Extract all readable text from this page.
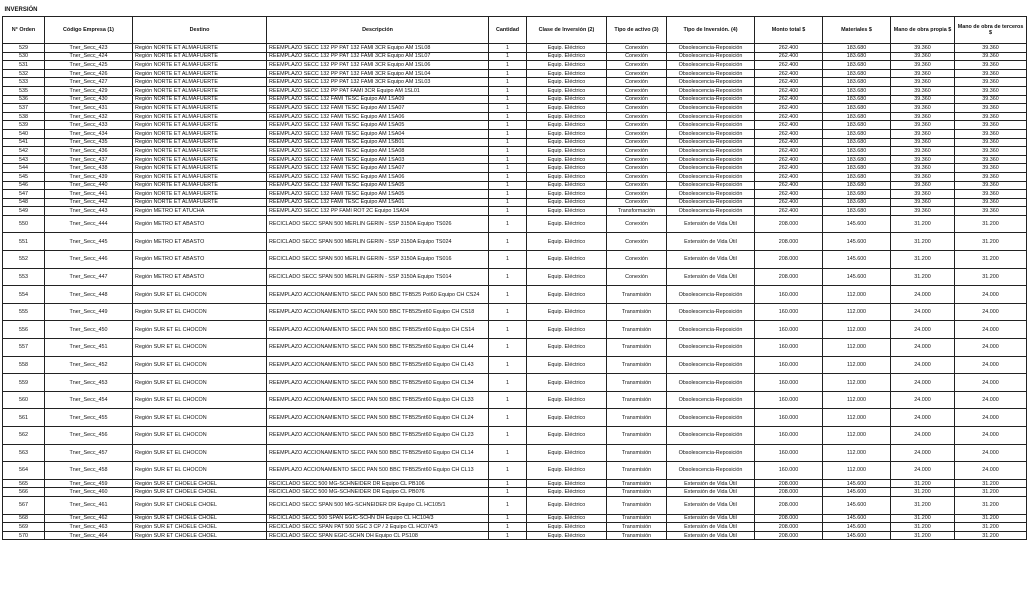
INVERSIÓN											
N° Orden	Código Empresa (1)	Destino	Descripción	Cantidad	Clase de Inversión (2)	Tipo de activo (3)	Tipo de Inversión. (4)	Monto total $	Materiales $	Mano de obra propia $	Mano de obra de terceros $
529	Tner_Secc_423	Región NORTE ET ALMAFUERTE	REEMPLAZO SECC 132 PP PAT 132 FAMI 3CR Equipo AM 1SL08	1	Equip. Eléctrico	Conexión	Obsolescencia-Reposición	262.400	183.680	39.360	39.360
530	Tner_Secc_424	Región NORTE ET ALMAFUERTE	REEMPLAZO SECC 132 PP PAT 132 FAMI 3CR Equipo AM 1SL07	1	Equip. Eléctrico	Conexión	Obsolescencia-Reposición	262.400	183.680	39.360	39.360
531	Tner_Secc_425	Región NORTE ET ALMAFUERTE	REEMPLAZO SECC 132 PP PAT 132 FAMI 3CR Equipo AM 1SL06	1	Equip. Eléctrico	Conexión	Obsolescencia-Reposición	262.400	183.680	39.360	39.360
532	Tner_Secc_426	Región NORTE ET ALMAFUERTE	REEMPLAZO SECC 132 PP PAT 132 FAMI 3CR Equipo AM 1SL04	1	Equip. Eléctrico	Conexión	Obsolescencia-Reposición	262.400	183.680	39.360	39.360
533	Tner_Secc_427	Región NORTE ET ALMAFUERTE	REEMPLAZO SECC 132 PP PAT 132 FAMI 3CR Equipo AM 1SL03	1	Equip. Eléctrico	Conexión	Obsolescencia-Reposición	262.400	183.680	39.360	39.360
535	Tner_Secc_429	Región NORTE ET ALMAFUERTE	REEMPLAZO SECC 132 PP PAT FAMI 3CR Equipo AM 1SL01	1	Equip. Eléctrico	Conexión	Obsolescencia-Reposición	262.400	183.680	39.360	39.360
536	Tner_Secc_430	Región NORTE ET ALMAFUERTE	REEMPLAZO SECC 132 FAMI TESC Equipo AM 1SA09	1	Equip. Eléctrico	Conexión	Obsolescencia-Reposición	262.400	183.680	39.360	39.360
537	Tner_Secc_431	Región NORTE ET ALMAFUERTE	REEMPLAZO SECC 132 FAMI TESC Equipo AM 1SA07	1	Equip. Eléctrico	Conexión	Obsolescencia-Reposición	262.400	183.680	39.360	39.360
538	Tner_Secc_432	Región NORTE ET ALMAFUERTE	REEMPLAZO SECC 132 FAMI TESC Equipo AM 1SA06	1	Equip. Eléctrico	Conexión	Obsolescencia-Reposición	262.400	183.680	39.360	39.360
539	Tner_Secc_433	Región NORTE ET ALMAFUERTE	REEMPLAZO SECC 132 FAMI TESC Equipo AM 1SA05	1	Equip. Eléctrico	Conexión	Obsolescencia-Reposición	262.400	183.680	39.360	39.360
540	Tner_Secc_434	Región NORTE ET ALMAFUERTE	REEMPLAZO SECC 132 FAMI TESC Equipo AM 1SA04	1	Equip. Eléctrico	Conexión	Obsolescencia-Reposición	262.400	183.680	39.360	39.360
541	Tner_Secc_435	Región NORTE ET ALMAFUERTE	REEMPLAZO SECC 132 FAMI TESC Equipo AM 1SB01	1	Equip. Eléctrico	Conexión	Obsolescencia-Reposición	262.400	183.680	39.360	39.360
542	Tner_Secc_436	Región NORTE ET ALMAFUERTE	REEMPLAZO SECC 132 FAMI TESC Equipo AM 1SA08	1	Equip. Eléctrico	Conexión	Obsolescencia-Reposición	262.400	183.680	39.360	39.360
543	Tner_Secc_437	Región NORTE ET ALMAFUERTE	REEMPLAZO SECC 132 FAMI TESC Equipo AM 1SA03	1	Equip. Eléctrico	Conexión	Obsolescencia-Reposición	262.400	183.680	39.360	39.360
544	Tner_Secc_438	Región NORTE ET ALMAFUERTE	REEMPLAZO SECC 132 FAMI TESC Equipo AM 1SA07	1	Equip. Eléctrico	Conexión	Obsolescencia-Reposición	262.400	183.680	39.360	39.360
545	Tner_Secc_439	Región NORTE ET ALMAFUERTE	REEMPLAZO SECC 132 FAMI TESC Equipo AM 1SA06	1	Equip. Eléctrico	Conexión	Obsolescencia-Reposición	262.400	183.680	39.360	39.360
546	Tner_Secc_440	Región NORTE ET ALMAFUERTE	REEMPLAZO SECC 132 FAMI TESC Equipo AM 1SA05	1	Equip. Eléctrico	Conexión	Obsolescencia-Reposición	262.400	183.680	39.360	39.360
547	Tner_Secc_441	Región NORTE ET ALMAFUERTE	REEMPLAZO SECC 132 FAMI TESC Equipo AM 1SA05	1	Equip. Eléctrico	Conexión	Obsolescencia-Reposición	262.400	183.680	39.360	39.360
548	Tner_Secc_442	Región NORTE ET ALMAFUERTE	REEMPLAZO SECC 132 FAMI TESC Equipo AM 1SA01	1	Equip. Eléctrico	Conexión	Obsolescencia-Reposición	262.400	183.680	39.360	39.360
549	Tner_Secc_443	Región METRO ET ATUCHA	REEMPLAZO SECC 132 PP FAMI ROT 2C Equipo 1SA04	1	Equip. Eléctrico	Transformación	Obsolescencia-Reposición	262.400	183.680	39.360	39.360
550	Tner_Secc_444	Región METRO ET ABASTO	RECICLADO SECC SPAN 500 MERLIN GERIN - SSP 3150A Equipo TS026	1	Equip. Eléctrico	Conexión	Extensión de Vida Útil	208.000	145.600	31.200	31.200
551	Tner_Secc_445	Región METRO ET ABASTO	RECICLADO SECC SPAN 500 MERLIN GERIN - SSP 3150A Equipo TS024	1	Equip. Eléctrico	Conexión	Extensión de Vida Útil	208.000	145.600	31.200	31.200
552	Tner_Secc_446	Región METRO ET ABASTO	RECICLADO SECC SPAN 500 MERLIN GERIN - SSP 3150A Equipo TS016	1	Equip. Eléctrico	Conexión	Extensión de Vida Útil	208.000	145.600	31.200	31.200
553	Tner_Secc_447	Región METRO ET ABASTO	RECICLADO SECC SPAN 500 MERLIN GERIN - SSP 3150A Equipo TS014	1	Equip. Eléctrico	Conexión	Extensión de Vida Útil	208.000	145.600	31.200	31.200
554	Tner_Secc_448	Región SUR ET EL CHOCON	REEMPLAZO ACCIONAMIENTO SECC PAN 500 BBC TFB525 Pot60 Equipo CH CS24	1	Equip. Eléctrico	Transmisión	Obsolescencia-Reposición	160.000	112.000	24.000	24.000
555	Tner_Secc_449	Región SUR ET EL CHOCON	REEMPLAZO ACCIONAMIENTO SECC PAN 500 BBC TFB525nt60 Equipo CH CS18	1	Equip. Eléctrico	Transmisión	Obsolescencia-Reposición	160.000	112.000	24.000	24.000
556	Tner_Secc_450	Región SUR ET EL CHOCON	REEMPLAZO ACCIONAMIENTO SECC PAN 500 BBC TFB525nt60 Equipo CH CS14	1	Equip. Eléctrico	Transmisión	Obsolescencia-Reposición	160.000	112.000	24.000	24.000
557	Tner_Secc_451	Región SUR ET EL CHOCON	REEMPLAZO ACCIONAMIENTO SECC PAN 500 BBC TFB525nt60 Equipo CH CL44	1	Equip. Eléctrico	Transmisión	Obsolescencia-Reposición	160.000	112.000	24.000	24.000
558	Tner_Secc_452	Región SUR ET EL CHOCON	REEMPLAZO ACCIONAMIENTO SECC PAN 500 BBC TFB525nt60 Equipo CH CL43	1	Equip. Eléctrico	Transmisión	Obsolescencia-Reposición	160.000	112.000	24.000	24.000
559	Tner_Secc_453	Región SUR ET EL CHOCON	REEMPLAZO ACCIONAMIENTO SECC PAN 500 BBC TFB525nt60 Equipo CH CL34	1	Equip. Eléctrico	Transmisión	Obsolescencia-Reposición	160.000	112.000	24.000	24.000
560	Tner_Secc_454	Región SUR ET EL CHOCON	REEMPLAZO ACCIONAMIENTO SECC PAN 500 BBC TFB525nt60 Equipo CH CL33	1	Equip. Eléctrico	Transmisión	Obsolescencia-Reposición	160.000	112.000	24.000	24.000
561	Tner_Secc_455	Región SUR ET EL CHOCON	REEMPLAZO ACCIONAMIENTO SECC PAN 500 BBC TFB525nt60 Equipo CH CL24	1	Equip. Eléctrico	Transmisión	Obsolescencia-Reposición	160.000	112.000	24.000	24.000
562	Tner_Secc_456	Región SUR ET EL CHOCON	REEMPLAZO ACCIONAMIENTO SECC PAN 500 BBC TFB525nt60 Equipo CH CL23	1	Equip. Eléctrico	Transmisión	Obsolescencia-Reposición	160.000	112.000	24.000	24.000
563	Tner_Secc_457	Región SUR ET EL CHOCON	REEMPLAZO ACCIONAMIENTO SECC PAN 500 BBC TFB525nt60 Equipo CH CL14	1	Equip. Eléctrico	Transmisión	Obsolescencia-Reposición	160.000	112.000	24.000	24.000
564	Tner_Secc_458	Región SUR ET EL CHOCON	REEMPLAZO ACCIONAMIENTO SECC PAN 500 BBC TFB525nt60 Equipo CH CL13	1	Equip. Eléctrico	Transmisión	Obsolescencia-Reposición	160.000	112.000	24.000	24.000
565	Tner_Secc_459	Región SUR ET CHOELE CHOEL	RECICLADO SECC 500 MG-SCHNEIDER DR Equipo CL PB106	1	Equip. Eléctrico	Transmisión	Extensión de Vida Útil	208.000	145.600	31.200	31.200
566	Tner_Secc_460	Región SUR ET CHOELE CHOEL	RECICLADO SECC 500 MG-SCHNEIDER DR Equipo CL PB076	1	Equip. Eléctrico	Transmisión	Extensión de Vida Útil	208.000	145.600	31.200	31.200
567	Tner_Secc_461	Región SUR ET CHOELE CHOEL	RECICLADO SECC SPAN 500 MG-SCHNEIDER DR Equipo CL HC105/1	1	Equip. Eléctrico	Transmisión	Extensión de Vida Útil	208.000	145.600	31.200	31.200
568	Tner_Secc_462	Región SUR ET CHOELE CHOEL	RECICLADO SECC 500 SPAN EGIC-SCHN DH Equipo CL HC104/3	1	Equip. Eléctrico	Transmisión	Extensión de Vida Útil	208.000	145.600	31.200	31.200
569	Tner_Secc_463	Región SUR ET CHOELE CHOEL	RECICLADO SECC SPAN PAT 500 SGC 3 CP / 2 Equipo CL HC074/3	1	Equip. Eléctrico	Transmisión	Extensión de Vida Útil	208.000	145.600	31.200	31.200
570	Tner_Secc_464	Región SUR ET CHOELE CHOEL	RECICLADO SECC SPAN EGIC-SCHN DH Equipo CL PS108	1	Equip. Eléctrico	Transmisión	Extensión de Vida Útil	208.000	145.600	31.200	31.200
